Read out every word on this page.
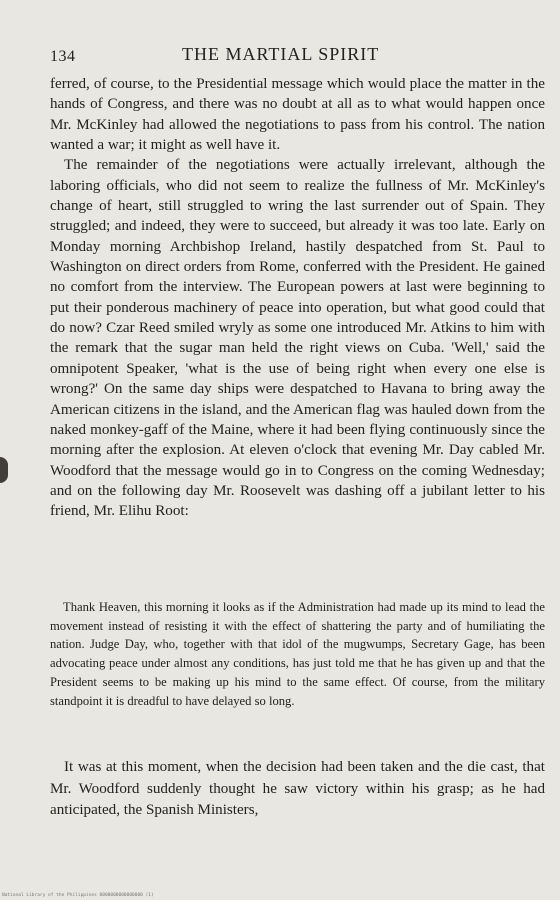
134	THE MARTIAL SPIRIT

ferred, of course, to the Presidential message which would place the matter in the hands of Congress, and there was no doubt at all as to what would happen once Mr. McKinley had allowed the negotiations to pass from his control. The nation wanted a war; it might as well have it.

The remainder of the negotiations were actually irrelevant, although the laboring officials, who did not seem to realize the fullness of Mr. McKinley's change of heart, still struggled to wring the last surrender out of Spain. They struggled; and indeed, they were to succeed, but already it was too late. Early on Monday morning Archbishop Ireland, hastily despatched from St. Paul to Washington on direct orders from Rome, conferred with the President. He gained no comfort from the interview. The European powers at last were beginning to put their ponderous machinery of peace into operation, but what good could that do now? Czar Reed smiled wryly as some one introduced Mr. Atkins to him with the remark that the sugar man held the right views on Cuba. 'Well,' said the omnipotent Speaker, 'what is the use of being right when every one else is wrong?' On the same day ships were despatched to Havana to bring away the American citizens in the island, and the American flag was hauled down from the naked monkey-gaff of the Maine, where it had been flying continuously since the morning after the explosion. At eleven o'clock that evening Mr. Day cabled Mr. Woodford that the message would go in to Congress on the coming Wednesday; and on the following day Mr. Roosevelt was dashing off a jubilant letter to his friend, Mr. Elihu Root:

Thank Heaven, this morning it looks as if the Administration had made up its mind to lead the movement instead of resisting it with the effect of shattering the party and of humiliating the nation. Judge Day, who, together with that idol of the mugwumps, Secretary Gage, has been advocating peace under almost any conditions, has just told me that he has given up and that the President seems to be making up his mind to the same effect. Of course, from the military standpoint it is dreadful to have delayed so long.

It was at this moment, when the decision had been taken and the die cast, that Mr. Woodford suddenly thought he saw victory within his grasp; as he had anticipated, the Spanish Ministers,

National Library of the Philippines 0000000000000000 (1)
